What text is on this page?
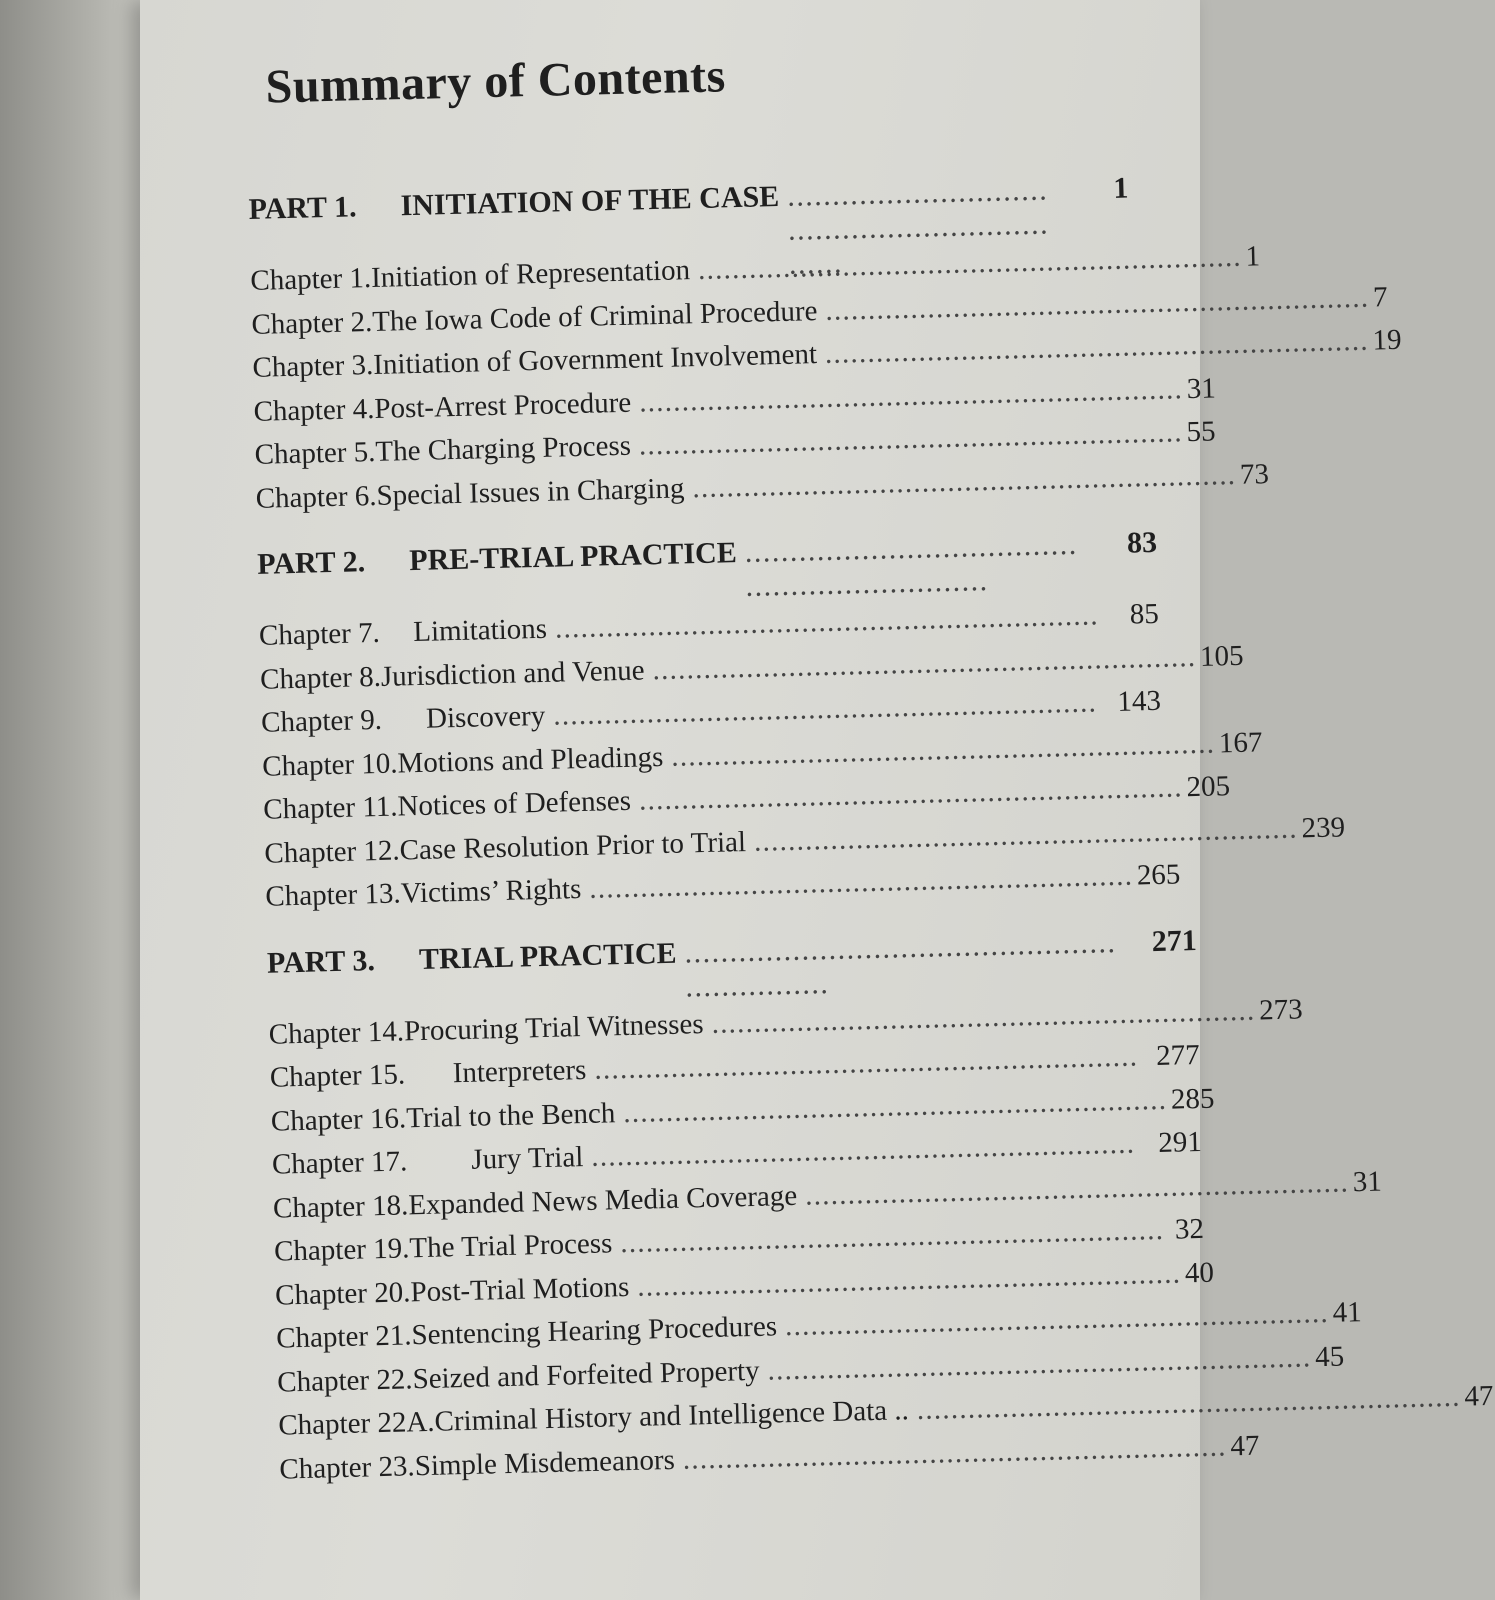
Summary of Contents
PART 1.	INITIATION OF THE CASE . . .	1
Chapter 1. Initiation of Representation . . .	1
Chapter 2. The Iowa Code of Criminal Procedure . . .	7
Chapter 3. Initiation of Government Involvement . . .	19
Chapter 4. Post-Arrest Procedure . . .	31
Chapter 5. The Charging Process . . .	55
Chapter 6. Special Issues in Charging . . .	73
PART 2.	PRE-TRIAL PRACTICE . . .	83
Chapter 7.	Limitations . . .	85
Chapter 8. Jurisdiction and Venue . . .	105
Chapter 9.	Discovery . . .	143
Chapter 10. Motions and Pleadings . . .	167
Chapter 11. Notices of Defenses . . .	205
Chapter 12. Case Resolution Prior to Trial . . .	239
Chapter 13. Victims’ Rights . . .	265
PART 3.	TRIAL PRACTICE . . .	271
Chapter 14. Procuring Trial Witnesses . . .	273
Chapter 15.	Interpreters . . .	277
Chapter 16. Trial to the Bench . . .	285
Chapter 17.	Jury Trial . . .	291
Chapter 18. Expanded News Media Coverage . . .	31
Chapter 19. The Trial Process . . .	32
Chapter 20. Post-Trial Motions . . .	40
Chapter 21. Sentencing Hearing Procedures . . .	41
Chapter 22. Seized and Forfeited Property . . .	45
Chapter 22A. Criminal History and Intelligence Data .. . . .	47
Chapter 23. Simple Misdemeanors . . .	47
